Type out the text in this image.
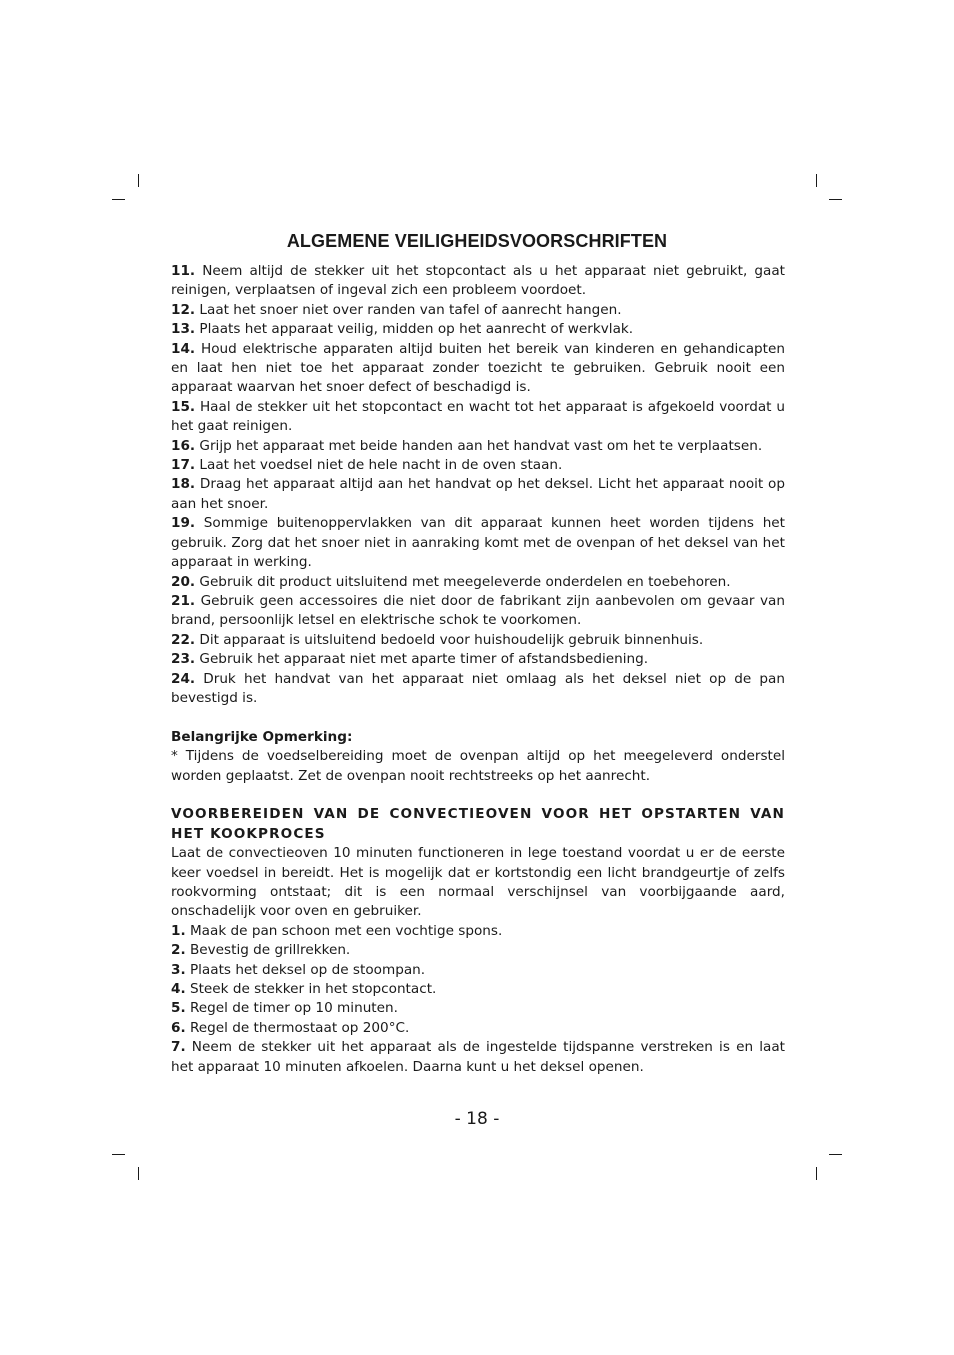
ALGEMENE VEILIGHEIDSVOORSCHRIFTEN

11. Neem altijd de stekker uit het stopcontact als u het apparaat niet gebruikt, gaat reinigen, verplaatsen of ingeval zich een probleem voordoet.

12. Laat het snoer niet over randen van tafel of aanrecht hangen.

13. Plaats het apparaat veilig, midden op het aanrecht of werkvlak.

14. Houd elektrische apparaten altijd buiten het bereik van kinderen en gehandicapten en laat hen niet toe het apparaat zonder toezicht te gebruiken. Gebruik nooit een apparaat waarvan het snoer defect of beschadigd is.

15. Haal de stekker uit het stopcontact en wacht tot het apparaat is afgekoeld voordat u het gaat reinigen.

16. Grijp het apparaat met beide handen aan het handvat vast om het te verplaatsen.

17. Laat het voedsel niet de hele nacht in de oven staan.

18. Draag het apparaat altijd aan het handvat op het deksel. Licht het apparaat nooit op aan het snoer.

19. Sommige buitenoppervlakken van dit apparaat kunnen heet worden tijdens het gebruik. Zorg dat het snoer niet in aanraking komt met de ovenpan of het deksel van het apparaat in werking.

20. Gebruik dit product uitsluitend met meegeleverde onderdelen en toebehoren.

21. Gebruik geen accessoires die niet door de fabrikant zijn aanbevolen om gevaar van brand, persoonlijk letsel en elektrische schok te voorkomen.

22. Dit apparaat is uitsluitend bedoeld voor huishoudelijk gebruik binnenhuis.

23. Gebruik het apparaat niet met aparte timer of afstandsbediening.

24. Druk het handvat van het apparaat niet omlaag als het deksel niet op de pan bevestigd is.

Belangrijke Opmerking:

* Tijdens de voedselbereiding moet de ovenpan altijd op het meegeleverd onderstel worden geplaatst. Zet de ovenpan nooit rechtstreeks op het aanrecht.

VOORBEREIDEN VAN DE CONVECTIEOVEN VOOR HET OPSTARTEN VAN HET KOOKPROCES

Laat de convectieoven 10 minuten functioneren in lege toestand voordat u er de eerste keer voedsel in bereidt. Het is mogelijk dat er kortstondig een licht brandgeurtje of zelfs rookvorming ontstaat; dit is een normaal verschijnsel van voorbijgaande aard, onschadelijk voor oven en gebruiker.

1. Maak de pan schoon met een vochtige spons.

2. Bevestig de grillrekken.

3. Plaats het deksel op de stoompan.

4. Steek de stekker in het stopcontact.

5. Regel de timer op 10 minuten.

6. Regel de thermostaat op 200°C.

7. Neem de stekker uit het apparaat als de ingestelde tijdspanne verstreken is en laat het apparaat 10 minuten afkoelen. Daarna kunt u het deksel openen.

- 18 -
